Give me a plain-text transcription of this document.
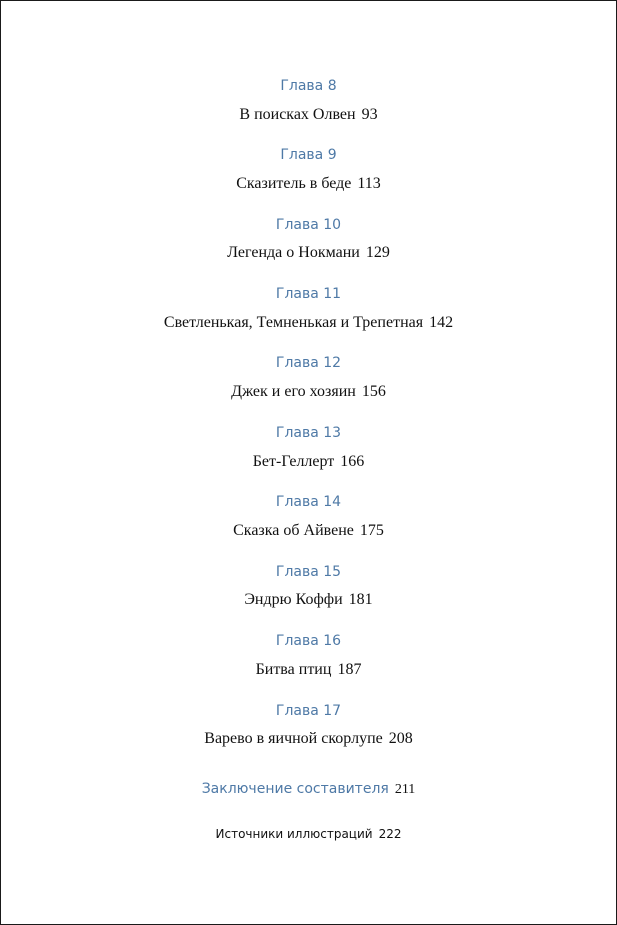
Глава 8
В поисках Олвен 93
Глава 9
Сказитель в беде 113
Глава 10
Легенда о Нокмани 129
Глава 11
Светленькая, Темненькая и Трепетная 142
Глава 12
Джек и его хозяин 156
Глава 13
Бет-Геллерт 166
Глава 14
Сказка об Айвене 175
Глава 15
Эндрю Коффи 181
Глава 16
Битва птиц 187
Глава 17
Варево в яичной скорлупе 208
Заключение составителя 211
Источники иллюстраций 222
